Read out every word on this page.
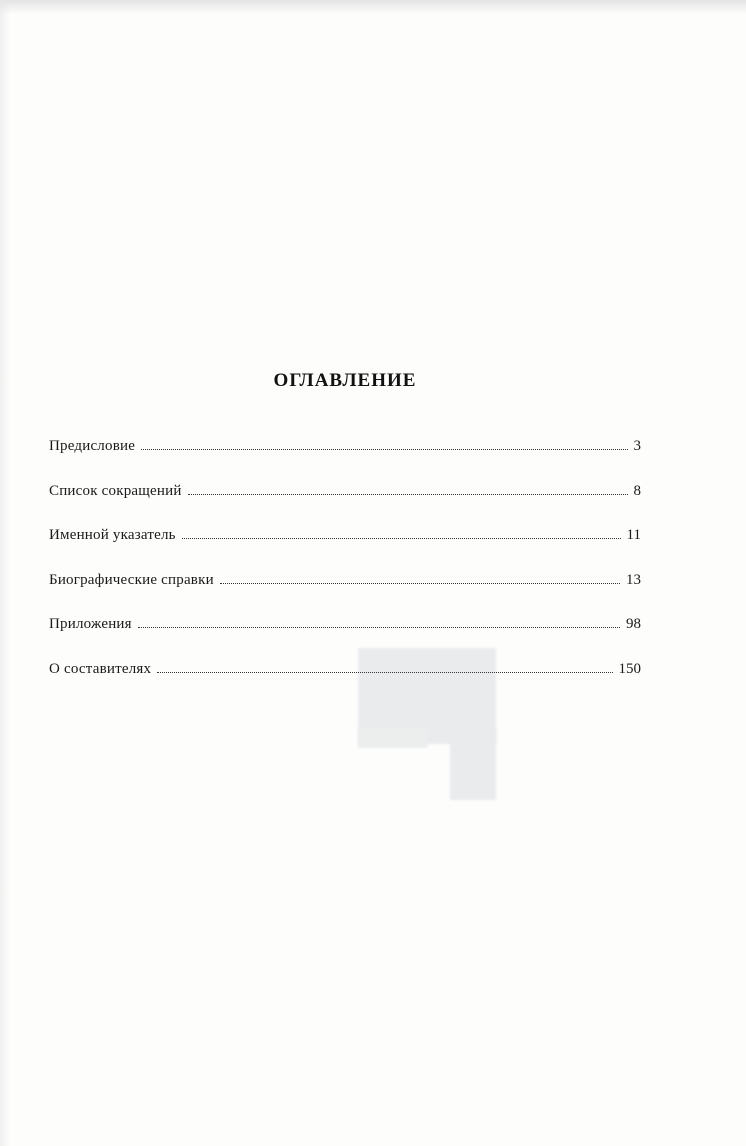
ОГЛАВЛЕНИЕ
Предисловие	3
Список сокращений	8
Именной указатель	11
Биографические справки	13
Приложения	98
О составителях	150
